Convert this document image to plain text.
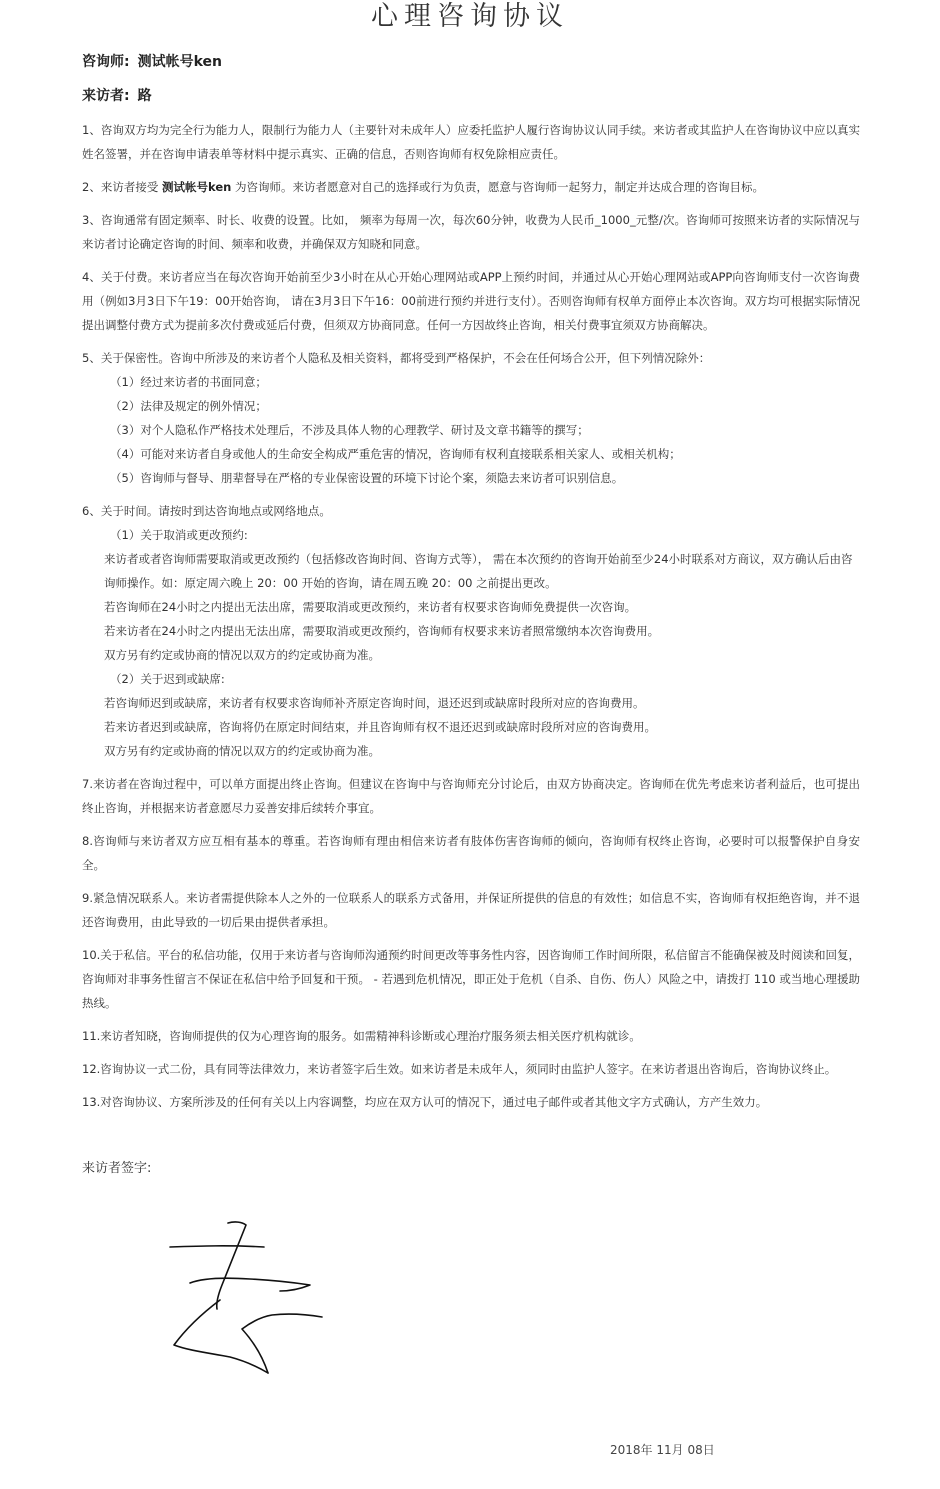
心理咨询协议
咨询师: 测试帐号ken
来访者: 路

1、咨询双方均为完全行为能力人，限制行为能力人（主要针对未成年人）应委托监护人履行咨询协议认同手续。来访者或其监护人在咨询协议中应以真实姓名签署，并在咨询申请表单等材料中提示真实、正确的信息，否则咨询师有权免除相应责任。

2、来访者接受 测试帐号ken 为咨询师。来访者愿意对自己的选择或行为负责，愿意与咨询师一起努力，制定并达成合理的咨询目标。

3、咨询通常有固定频率、时长、收费的设置。比如， 频率为每周一次，每次60分钟，收费为人民币_1000_元整/次。咨询师可按照来访者的实际情况与来访者讨论确定咨询的时间、频率和收费，并确保双方知晓和同意。

4、关于付费。来访者应当在每次咨询开始前至少3小时在从心开始心理网站或APP上预约时间，并通过从心开始心理网站或APP向咨询师支付一次咨询费用（例如3月3日下午19：00开始咨询， 请在3月3日下午16：00前进行预约并进行支付）。否则咨询师有权单方面停止本次咨询。双方均可根据实际情况提出调整付费方式为提前多次付费或延后付费，但须双方协商同意。任何一方因故终止咨询，相关付费事宜须双方协商解决。

5、关于保密性。咨询中所涉及的来访者个人隐私及相关资料，都将受到严格保护，不会在任何场合公开，但下列情况除外：

（1）经过来访者的书面同意；

（2）法律及规定的例外情况；

（3）对个人隐私作严格技术处理后，不涉及具体人物的心理教学、研讨及文章书籍等的撰写；

（4）可能对来访者自身或他人的生命安全构成严重危害的情况，咨询师有权利直接联系相关家人、或相关机构；

（5）咨询师与督导、朋辈督导在严格的专业保密设置的环境下讨论个案，须隐去来访者可识别信息。

6、关于时间。请按时到达咨询地点或网络地点。

（1）关于取消或更改预约:

来访者或者咨询师需要取消或更改预约（包括修改咨询时间、咨询方式等）， 需在本次预约的咨询开始前至少24小时联系对方商议，双方确认后由咨询师操作。如：原定周六晚上 20：00 开始的咨询，请在周五晚 20：00 之前提出更改。

若咨询师在24小时之内提出无法出席，需要取消或更改预约，来访者有权要求咨询师免费提供一次咨询。

若来访者在24小时之内提出无法出席，需要取消或更改预约，咨询师有权要求来访者照常缴纳本次咨询费用。

双方另有约定或协商的情况以双方的约定或协商为准。

（2）关于迟到或缺席:

若咨询师迟到或缺席，来访者有权要求咨询师补齐原定咨询时间，退还迟到或缺席时段所对应的咨询费用。

若来访者迟到或缺席，咨询将仍在原定时间结束，并且咨询师有权不退还迟到或缺席时段所对应的咨询费用。

双方另有约定或协商的情况以双方的约定或协商为准。

7.来访者在咨询过程中，可以单方面提出终止咨询。但建议在咨询中与咨询师充分讨论后，由双方协商决定。咨询师在优先考虑来访者利益后，也可提出终止咨询，并根据来访者意愿尽力妥善安排后续转介事宜。

8.咨询师与来访者双方应互相有基本的尊重。若咨询师有理由相信来访者有肢体伤害咨询师的倾向，咨询师有权终止咨询，必要时可以报警保护自身安全。

9.紧急情况联系人。来访者需提供除本人之外的一位联系人的联系方式备用，并保证所提供的信息的有效性；如信息不实，咨询师有权拒绝咨询，并不退还咨询费用，由此导致的一切后果由提供者承担。

10.关于私信。平台的私信功能，仅用于来访者与咨询师沟通预约时间更改等事务性内容，因咨询师工作时间所限，私信留言不能确保被及时阅读和回复，咨询师对非事务性留言不保证在私信中给予回复和干预。 - 若遇到危机情况，即正处于危机（自杀、自伤、伤人）风险之中，请拨打 110 或当地心理援助热线。

11.来访者知晓，咨询师提供的仅为心理咨询的服务。如需精神科诊断或心理治疗服务须去相关医疗机构就诊。

12.咨询协议一式二份，具有同等法律效力，来访者签字后生效。如来访者是未成年人，须同时由监护人签字。在来访者退出咨询后，咨询协议终止。

13.对咨询协议、方案所涉及的任何有关以上内容调整，均应在双方认可的情况下，通过电子邮件或者其他文字方式确认，方产生效力。

来访者签字:
2018年 11月 08日
